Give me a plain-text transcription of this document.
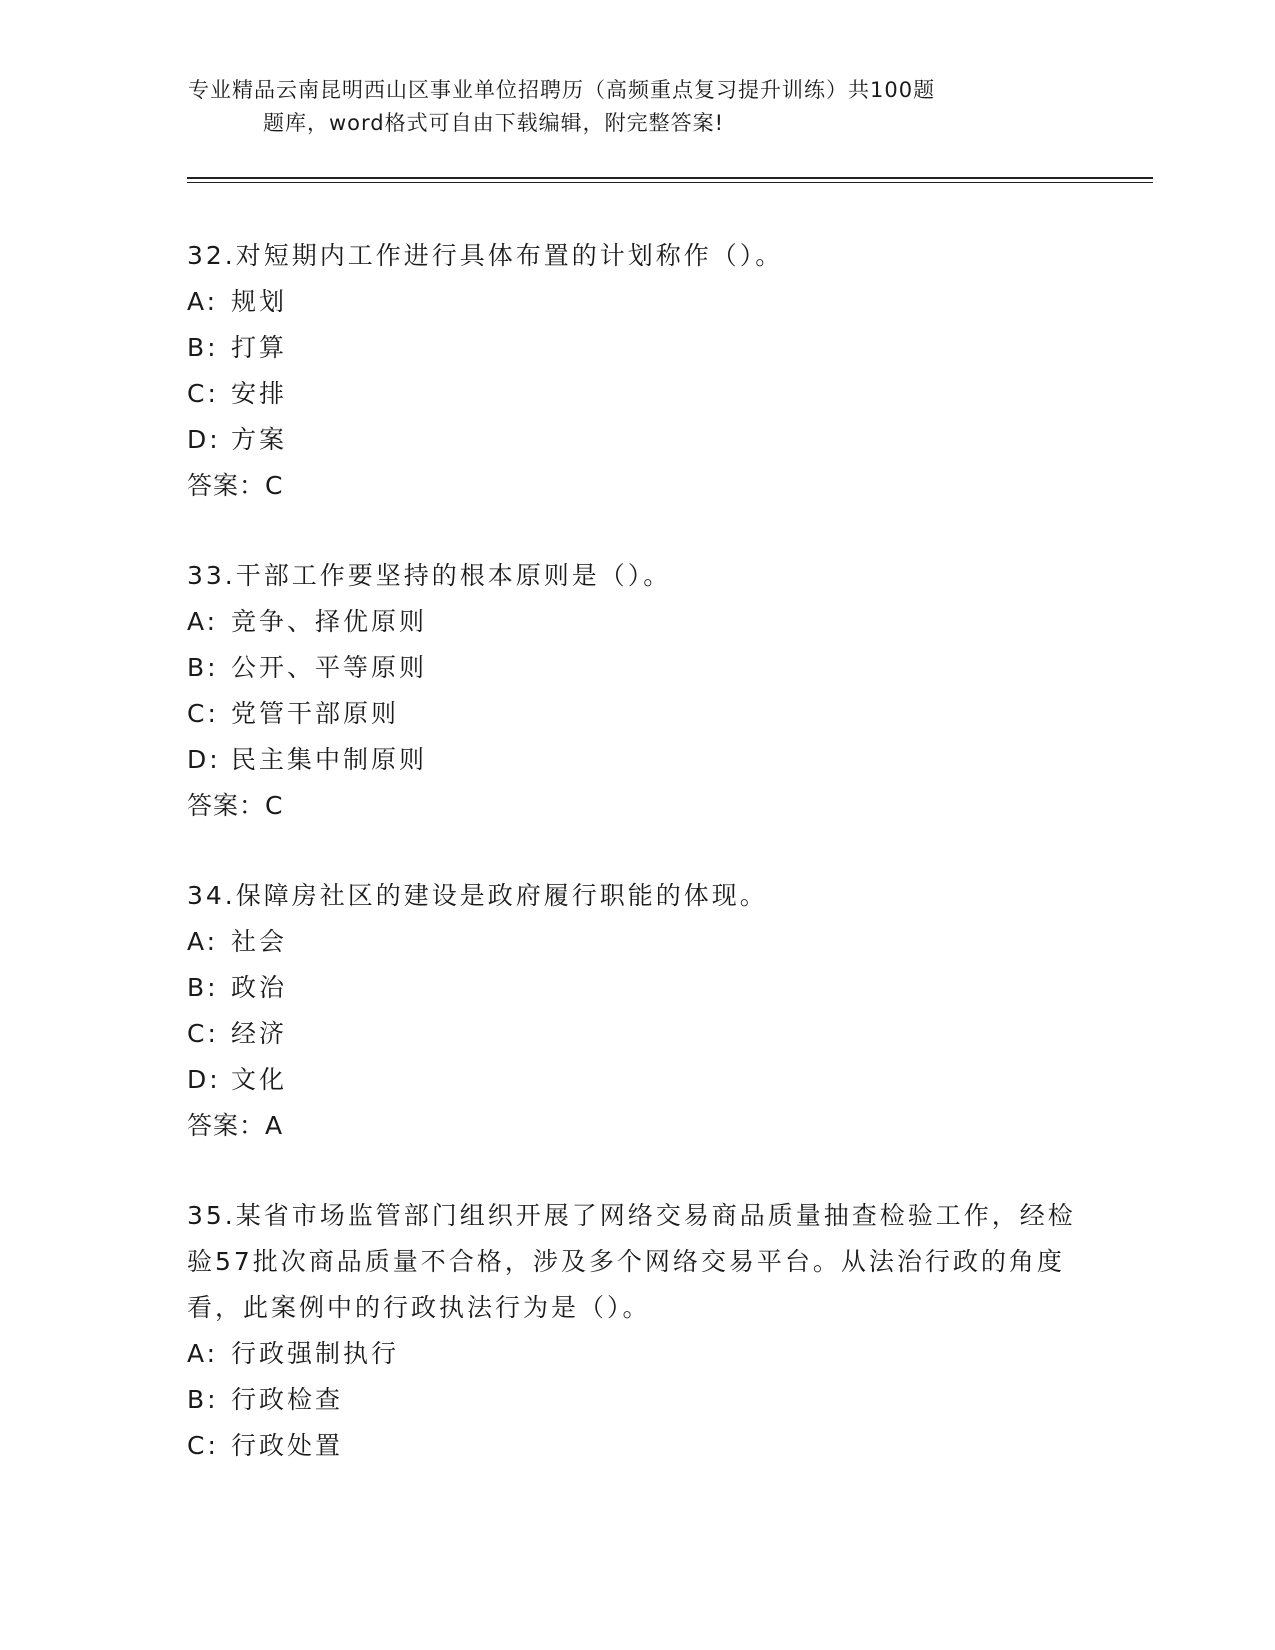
专业精品云南昆明西山区事业单位招聘历（高频重点复习提升训练）共100题
题库，word格式可自由下载编辑，附完整答案!
32.对短期内工作进行具体布置的计划称作（）。
A: 规划
B: 打算
C: 安排
D: 方案
答案：C
33.干部工作要坚持的根本原则是（）。
A: 竞争、择优原则
B: 公开、平等原则
C: 党管干部原则
D: 民主集中制原则
答案：C
34.保障房社区的建设是政府履行职能的体现。
A: 社会
B: 政治
C: 经济
D: 文化
答案：A
35.某省市场监管部门组织开展了网络交易商品质量抽查检验工作，经检验57批次商品质量不合格，涉及多个网络交易平台。从法治行政的角度看，此案例中的行政执法行为是（）。
A: 行政强制执行
B: 行政检查
C: 行政处置
